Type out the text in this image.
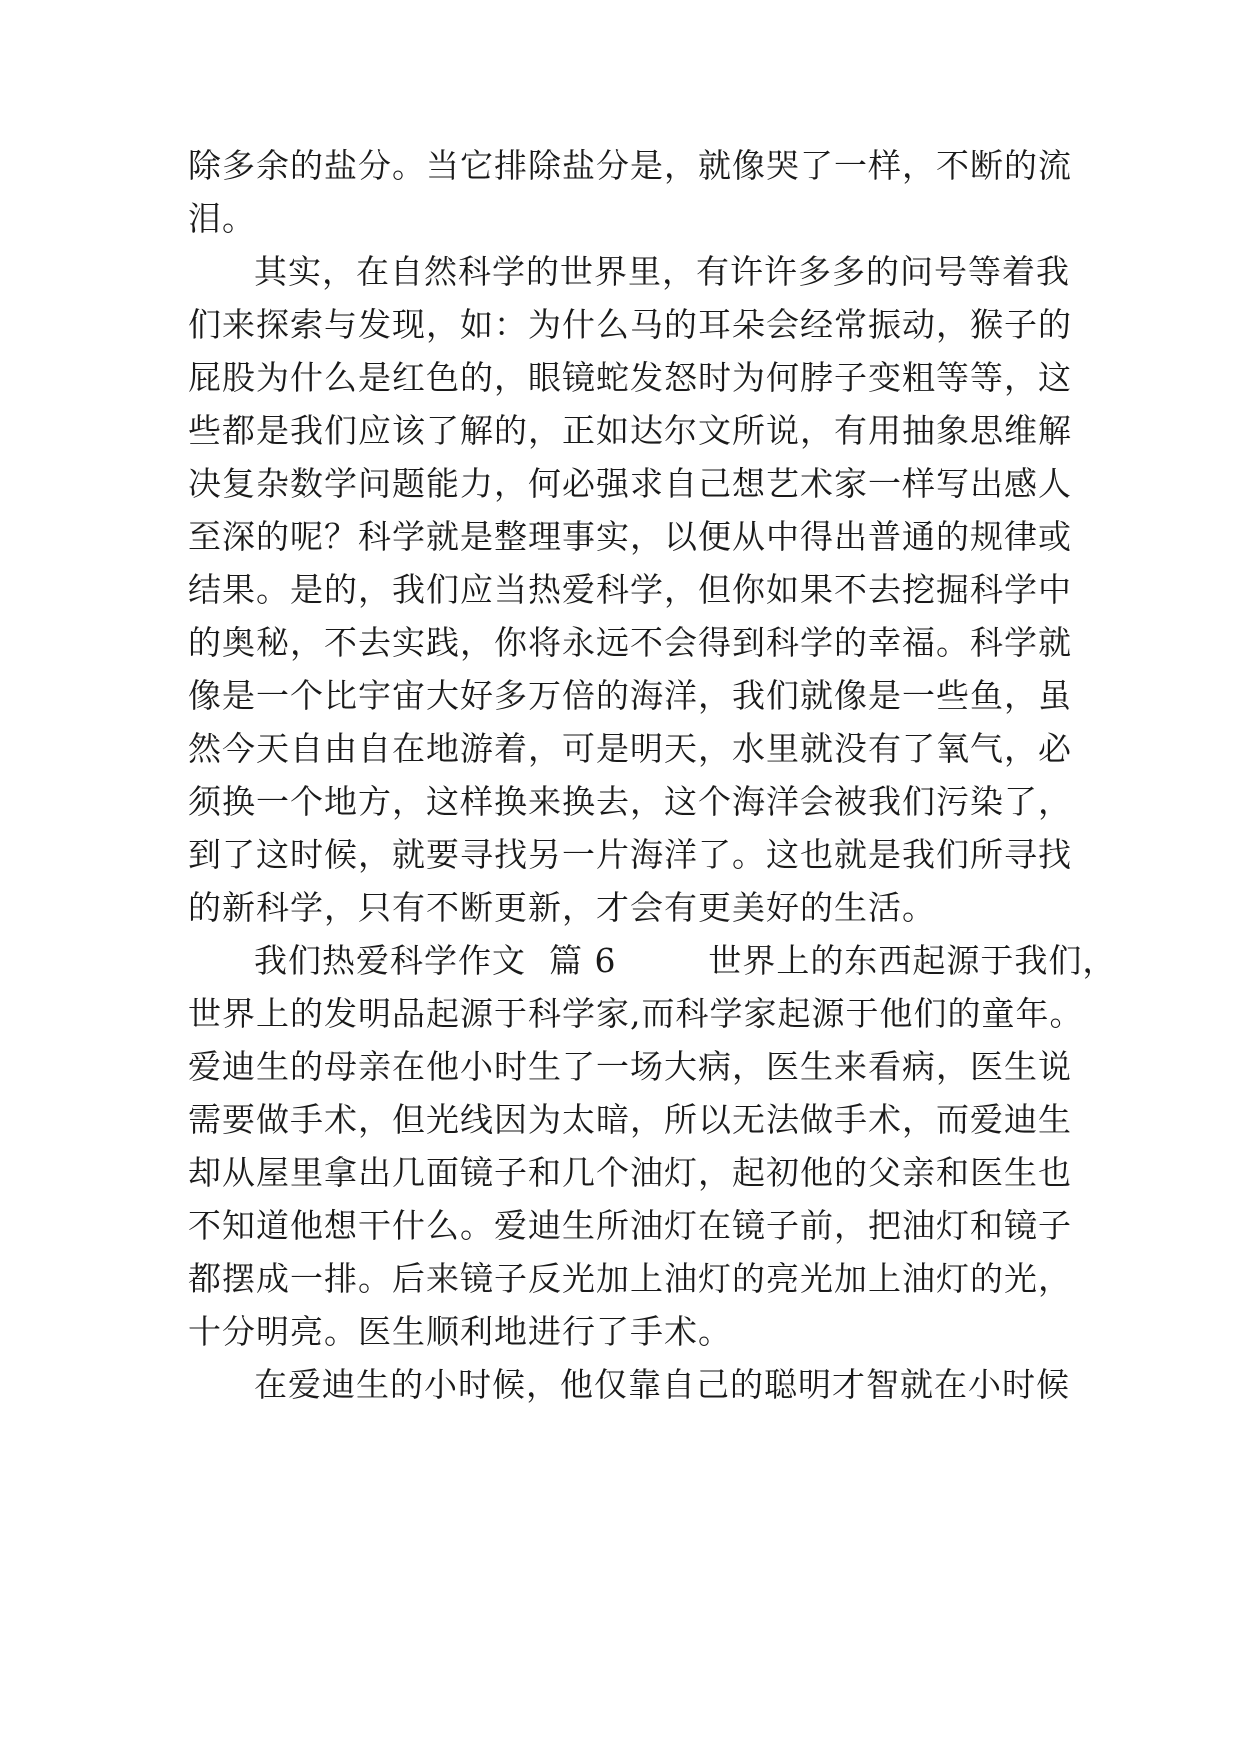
除多余的盐分。当它排除盐分是，就像哭了一样，不断的流
泪。
其实，在自然科学的世界里，有许许多多的问号等着我
们来探索与发现，如：为什么马的耳朵会经常振动，猴子的
屁股为什么是红色的，眼镜蛇发怒时为何脖子变粗等等，这
些都是我们应该了解的，正如达尔文所说，有用抽象思维解
决复杂数学问题能力，何必强求自己想艺术家一样写出感人
至深的呢？科学就是整理事实，以便从中得出普通的规律或
结果。是的，我们应当热爱科学，但你如果不去挖掘科学中
的奥秘，不去实践，你将永远不会得到科学的幸福。科学就
像是一个比宇宙大好多万倍的海洋，我们就像是一些鱼，虽
然今天自由自在地游着，可是明天，水里就没有了氧气，必
须换一个地方，这样换来换去，这个海洋会被我们污染了，
到了这时候，就要寻找另一片海洋了。这也就是我们所寻找
的新科学，只有不断更新，才会有更美好的生活。
我们热爱科学作文  篇 6        世界上的东西起源于我们，
世界上的发明品起源于科学家,而科学家起源于他们的童年。
爱迪生的母亲在他小时生了一场大病，医生来看病，医生说
需要做手术，但光线因为太暗，所以无法做手术，而爱迪生
却从屋里拿出几面镜子和几个油灯，起初他的父亲和医生也
不知道他想干什么。爱迪生所油灯在镜子前，把油灯和镜子
都摆成一排。后来镜子反光加上油灯的亮光加上油灯的光，
十分明亮。医生顺利地进行了手术。
在爱迪生的小时候，他仅靠自己的聪明才智就在小时候
